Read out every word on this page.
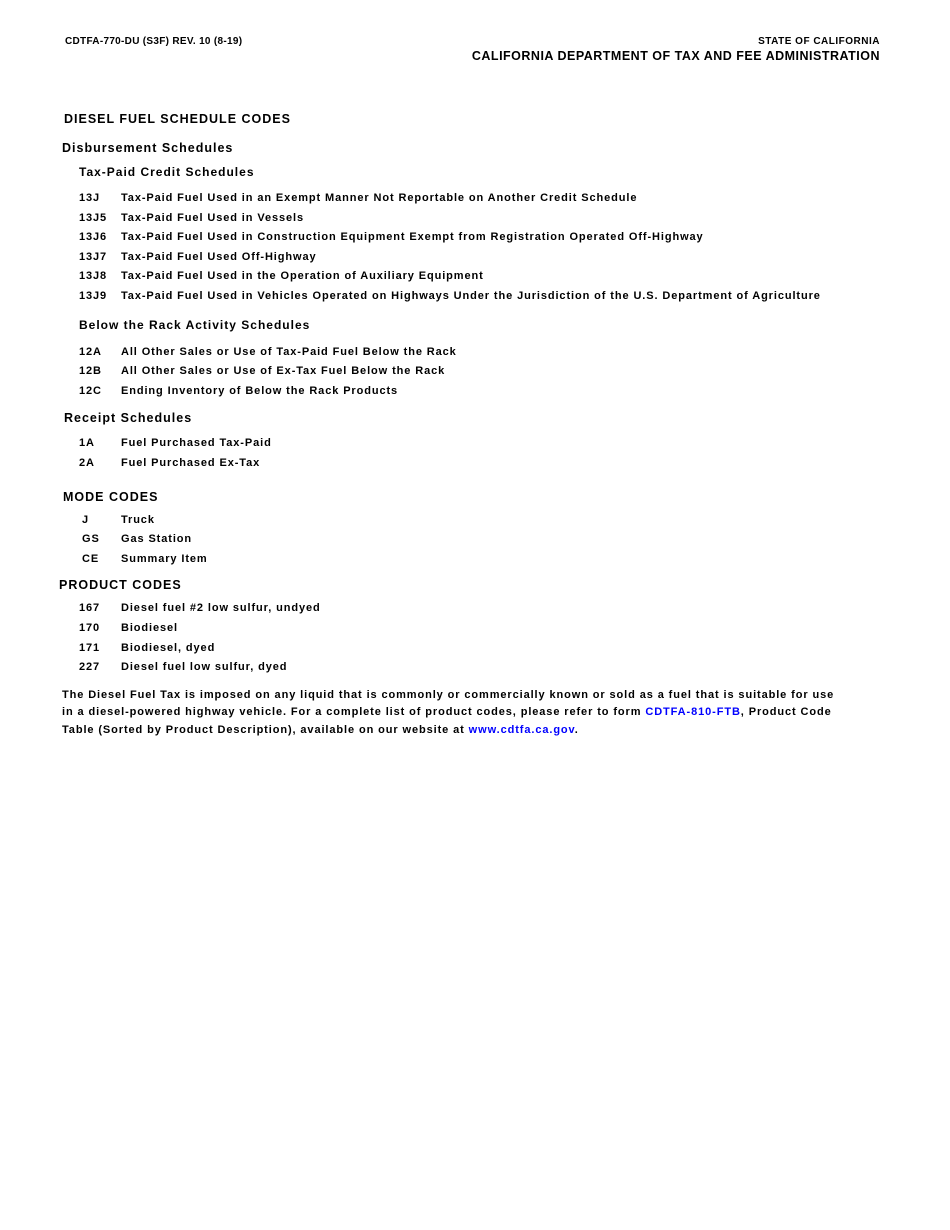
CDTFA-770-DU (S3F) REV. 10 (8-19)	STATE OF CALIFORNIA
CALIFORNIA DEPARTMENT OF TAX AND FEE ADMINISTRATION
DIESEL FUEL SCHEDULE CODES
Disbursement Schedules
Tax-Paid Credit Schedules
13J	Tax-Paid Fuel Used in an Exempt Manner Not Reportable on Another Credit Schedule
13J5	Tax-Paid Fuel Used in Vessels
13J6	Tax-Paid Fuel Used in Construction Equipment Exempt from Registration Operated Off-Highway
13J7	Tax-Paid Fuel Used Off-Highway
13J8	Tax-Paid Fuel Used in the Operation of Auxiliary Equipment
13J9	Tax-Paid Fuel Used in Vehicles Operated on Highways Under the Jurisdiction of the U.S. Department of Agriculture
Below the Rack Activity Schedules
12A	All Other Sales or Use of Tax-Paid Fuel Below the Rack
12B	All Other Sales or Use of Ex-Tax Fuel Below the Rack
12C	Ending Inventory of Below the Rack Products
Receipt Schedules
1A	Fuel Purchased Tax-Paid
2A	Fuel Purchased Ex-Tax
MODE CODES
J	Truck
GS	Gas Station
CE	Summary Item
PRODUCT CODES
167	Diesel fuel #2 low sulfur, undyed
170	Biodiesel
171	Biodiesel, dyed
227	Diesel fuel low sulfur, dyed

The Diesel Fuel Tax is imposed on any liquid that is commonly or commercially known or sold as a fuel that is suitable for use in a diesel-powered highway vehicle. For a complete list of product codes, please refer to form CDTFA-810-FTB, Product Code Table (Sorted by Product Description), available on our website at www.cdtfa.ca.gov.
